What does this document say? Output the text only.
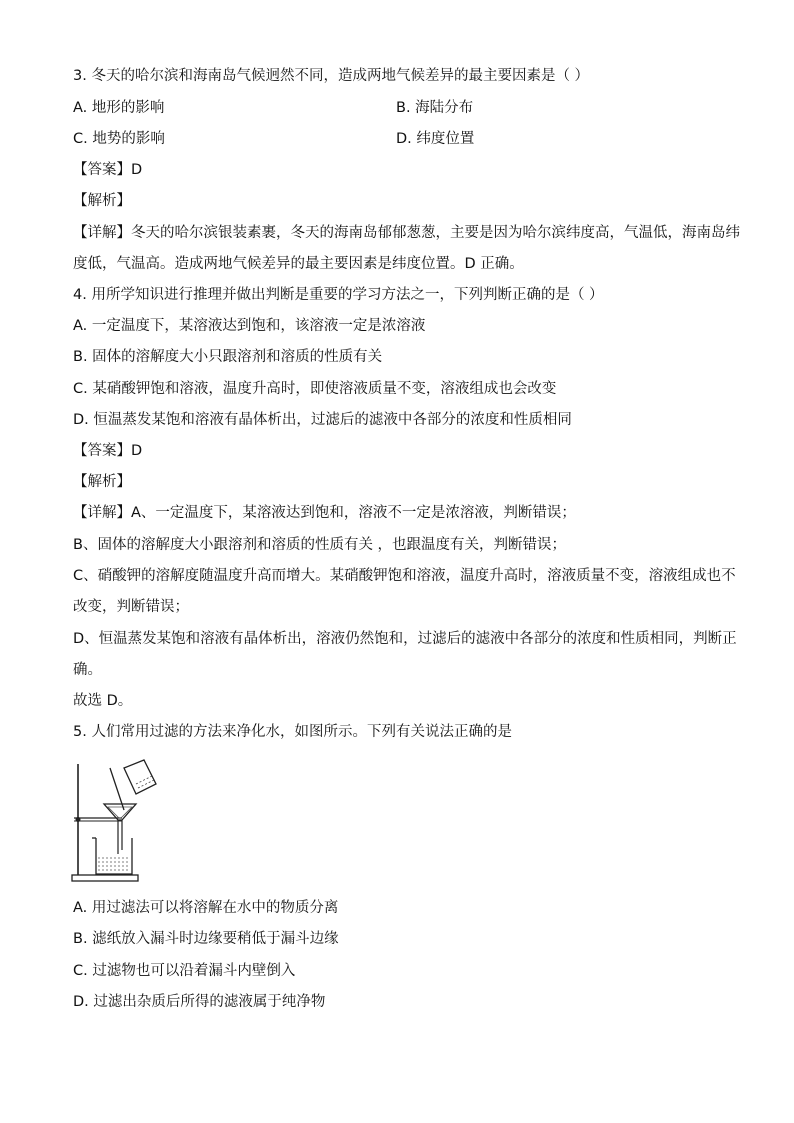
3. 冬天的哈尔滨和海南岛气候迥然不同，造成两地气候差异的最主要因素是（ ）
A. 地形的影响	B. 海陆分布
C. 地势的影响	D. 纬度位置
【答案】D
【解析】
【详解】冬天的哈尔滨银装素裹，冬天的海南岛郁郁葱葱，主要是因为哈尔滨纬度高，气温低，海南岛纬
度低，气温高。造成两地气候差异的最主要因素是纬度位置。D 正确。
4. 用所学知识进行推理并做出判断是重要的学习方法之一，下列判断正确的是（ ）
A. 一定温度下，某溶液达到饱和，该溶液一定是浓溶液
B. 固体的溶解度大小只跟溶剂和溶质的性质有关
C. 某硝酸钾饱和溶液，温度升高时，即使溶液质量不变，溶液组成也会改变
D. 恒温蒸发某饱和溶液有晶体析出，过滤后的滤液中各部分的浓度和性质相同
【答案】D
【解析】
【详解】A、一定温度下，某溶液达到饱和，溶液不一定是浓溶液，判断错误；
B、固体的溶解度大小跟溶剂和溶质的性质有关 ，也跟温度有关，判断错误；
C、硝酸钾的溶解度随温度升高而增大。某硝酸钾饱和溶液，温度升高时，溶液质量不变，溶液组成也不
改变，判断错误；
D、恒温蒸发某饱和溶液有晶体析出，溶液仍然饱和，过滤后的滤液中各部分的浓度和性质相同，判断正
确。
故选 D。
5. 人们常用过滤的方法来净化水，如图所示。下列有关说法正确的是
A. 用过滤法可以将溶解在水中的物质分离
B. 滤纸放入漏斗时边缘要稍低于漏斗边缘
C. 过滤物也可以沿着漏斗内壁倒入
D. 过滤出杂质后所得的滤液属于纯净物
